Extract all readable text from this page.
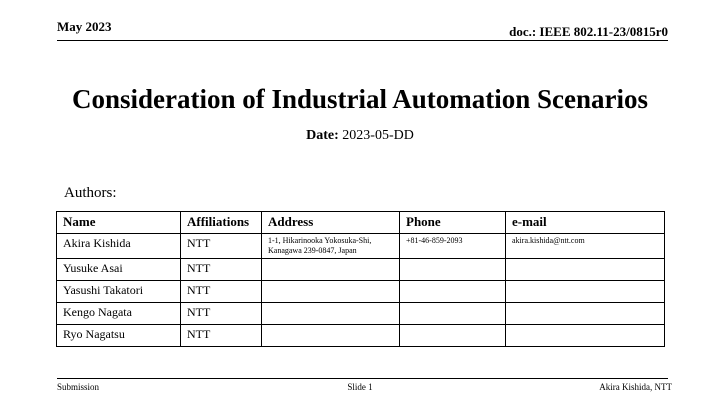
May 2023	doc.: IEEE 802.11-23/0815r0
Consideration of Industrial Automation Scenarios
Date: 2023-05-DD
Authors:
Name	Affiliations	Address	Phone	e-mail
Akira Kishida	NTT	1-1, Hikarinooka Yokosuka-Shi, Kanagawa 239-0847, Japan	+81-46-859-2093	akira.kishida@ntt.com
Yusuke Asai	NTT			
Yasushi Takatori	NTT			
Kengo Nagata	NTT			
Ryo Nagatsu	NTT			
Submission	Slide 1	Akira Kishida, NTT
